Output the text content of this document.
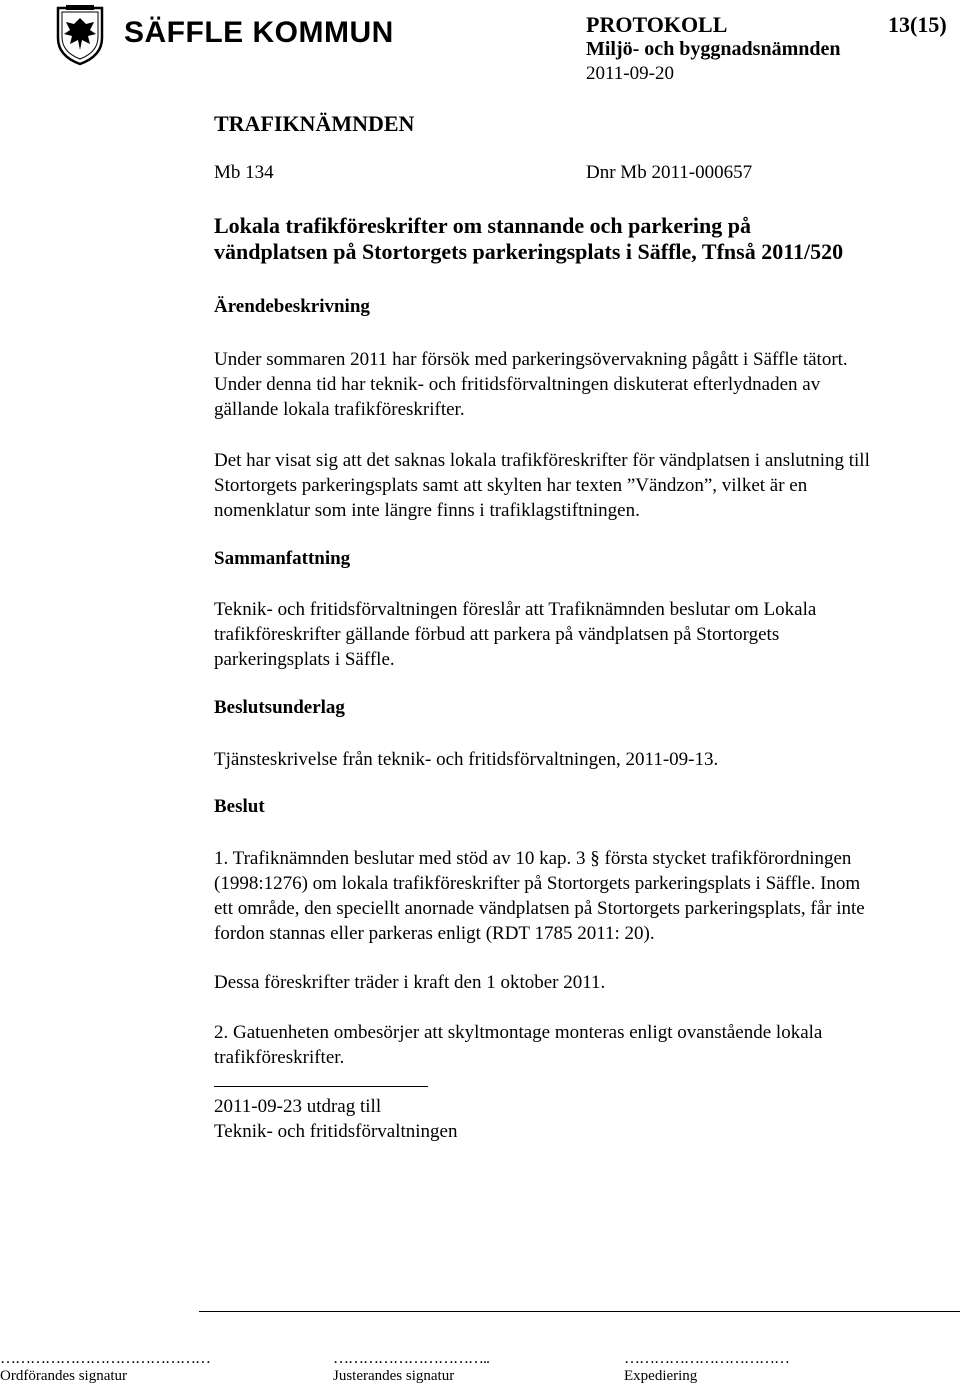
SÄFFLE KOMMUN	PROTOKOLL	13(15)
Miljö- och byggnadsnämnden
2011-09-20
TRAFIKNÄMNDEN
Mb 134	Dnr Mb 2011-000657
Lokala trafikföreskrifter om stannande och parkering på
vändplatsen på Stortorgets parkeringsplats i Säffle, Tfnså 2011/520
Ärendebeskrivning
Under sommaren 2011 har försök med parkeringsövervakning pågått i Säffle tätort.
Under denna tid har teknik- och fritidsförvaltningen diskuterat efterlydnaden av
gällande lokala trafikföreskrifter.
Det har visat sig att det saknas lokala trafikföreskrifter för vändplatsen i anslutning till
Stortorgets parkeringsplats samt att skylten har texten ”Vändzon”, vilket är en
nomenklatur som inte längre finns i trafiklagstiftningen.
Sammanfattning
Teknik- och fritidsförvaltningen föreslår att Trafiknämnden beslutar om Lokala
trafikföreskrifter gällande förbud att parkera på vändplatsen på Stortorgets
parkeringsplats i Säffle.
Beslutsunderlag
Tjänsteskrivelse från teknik- och fritidsförvaltningen, 2011-09-13.
Beslut
1. Trafiknämnden beslutar med stöd av 10 kap. 3 § första stycket trafikförordningen
(1998:1276) om lokala trafikföreskrifter på Stortorgets parkeringsplats i Säffle. Inom
ett område, den speciellt anornade vändplatsen på Stortorgets parkeringsplats, får inte
fordon stannas eller parkeras enligt (RDT 1785 2011: 20).
Dessa föreskrifter träder i kraft den 1 oktober 2011.
2. Gatuenheten ombesörjer att skyltmontage monteras enligt ovanstående lokala
trafikföreskrifter.
2011-09-23 utdrag till
Teknik- och fritidsförvaltningen
……………………………………	…………………………..	……………………………
Ordförandes signatur	Justerandes signatur	Expediering
